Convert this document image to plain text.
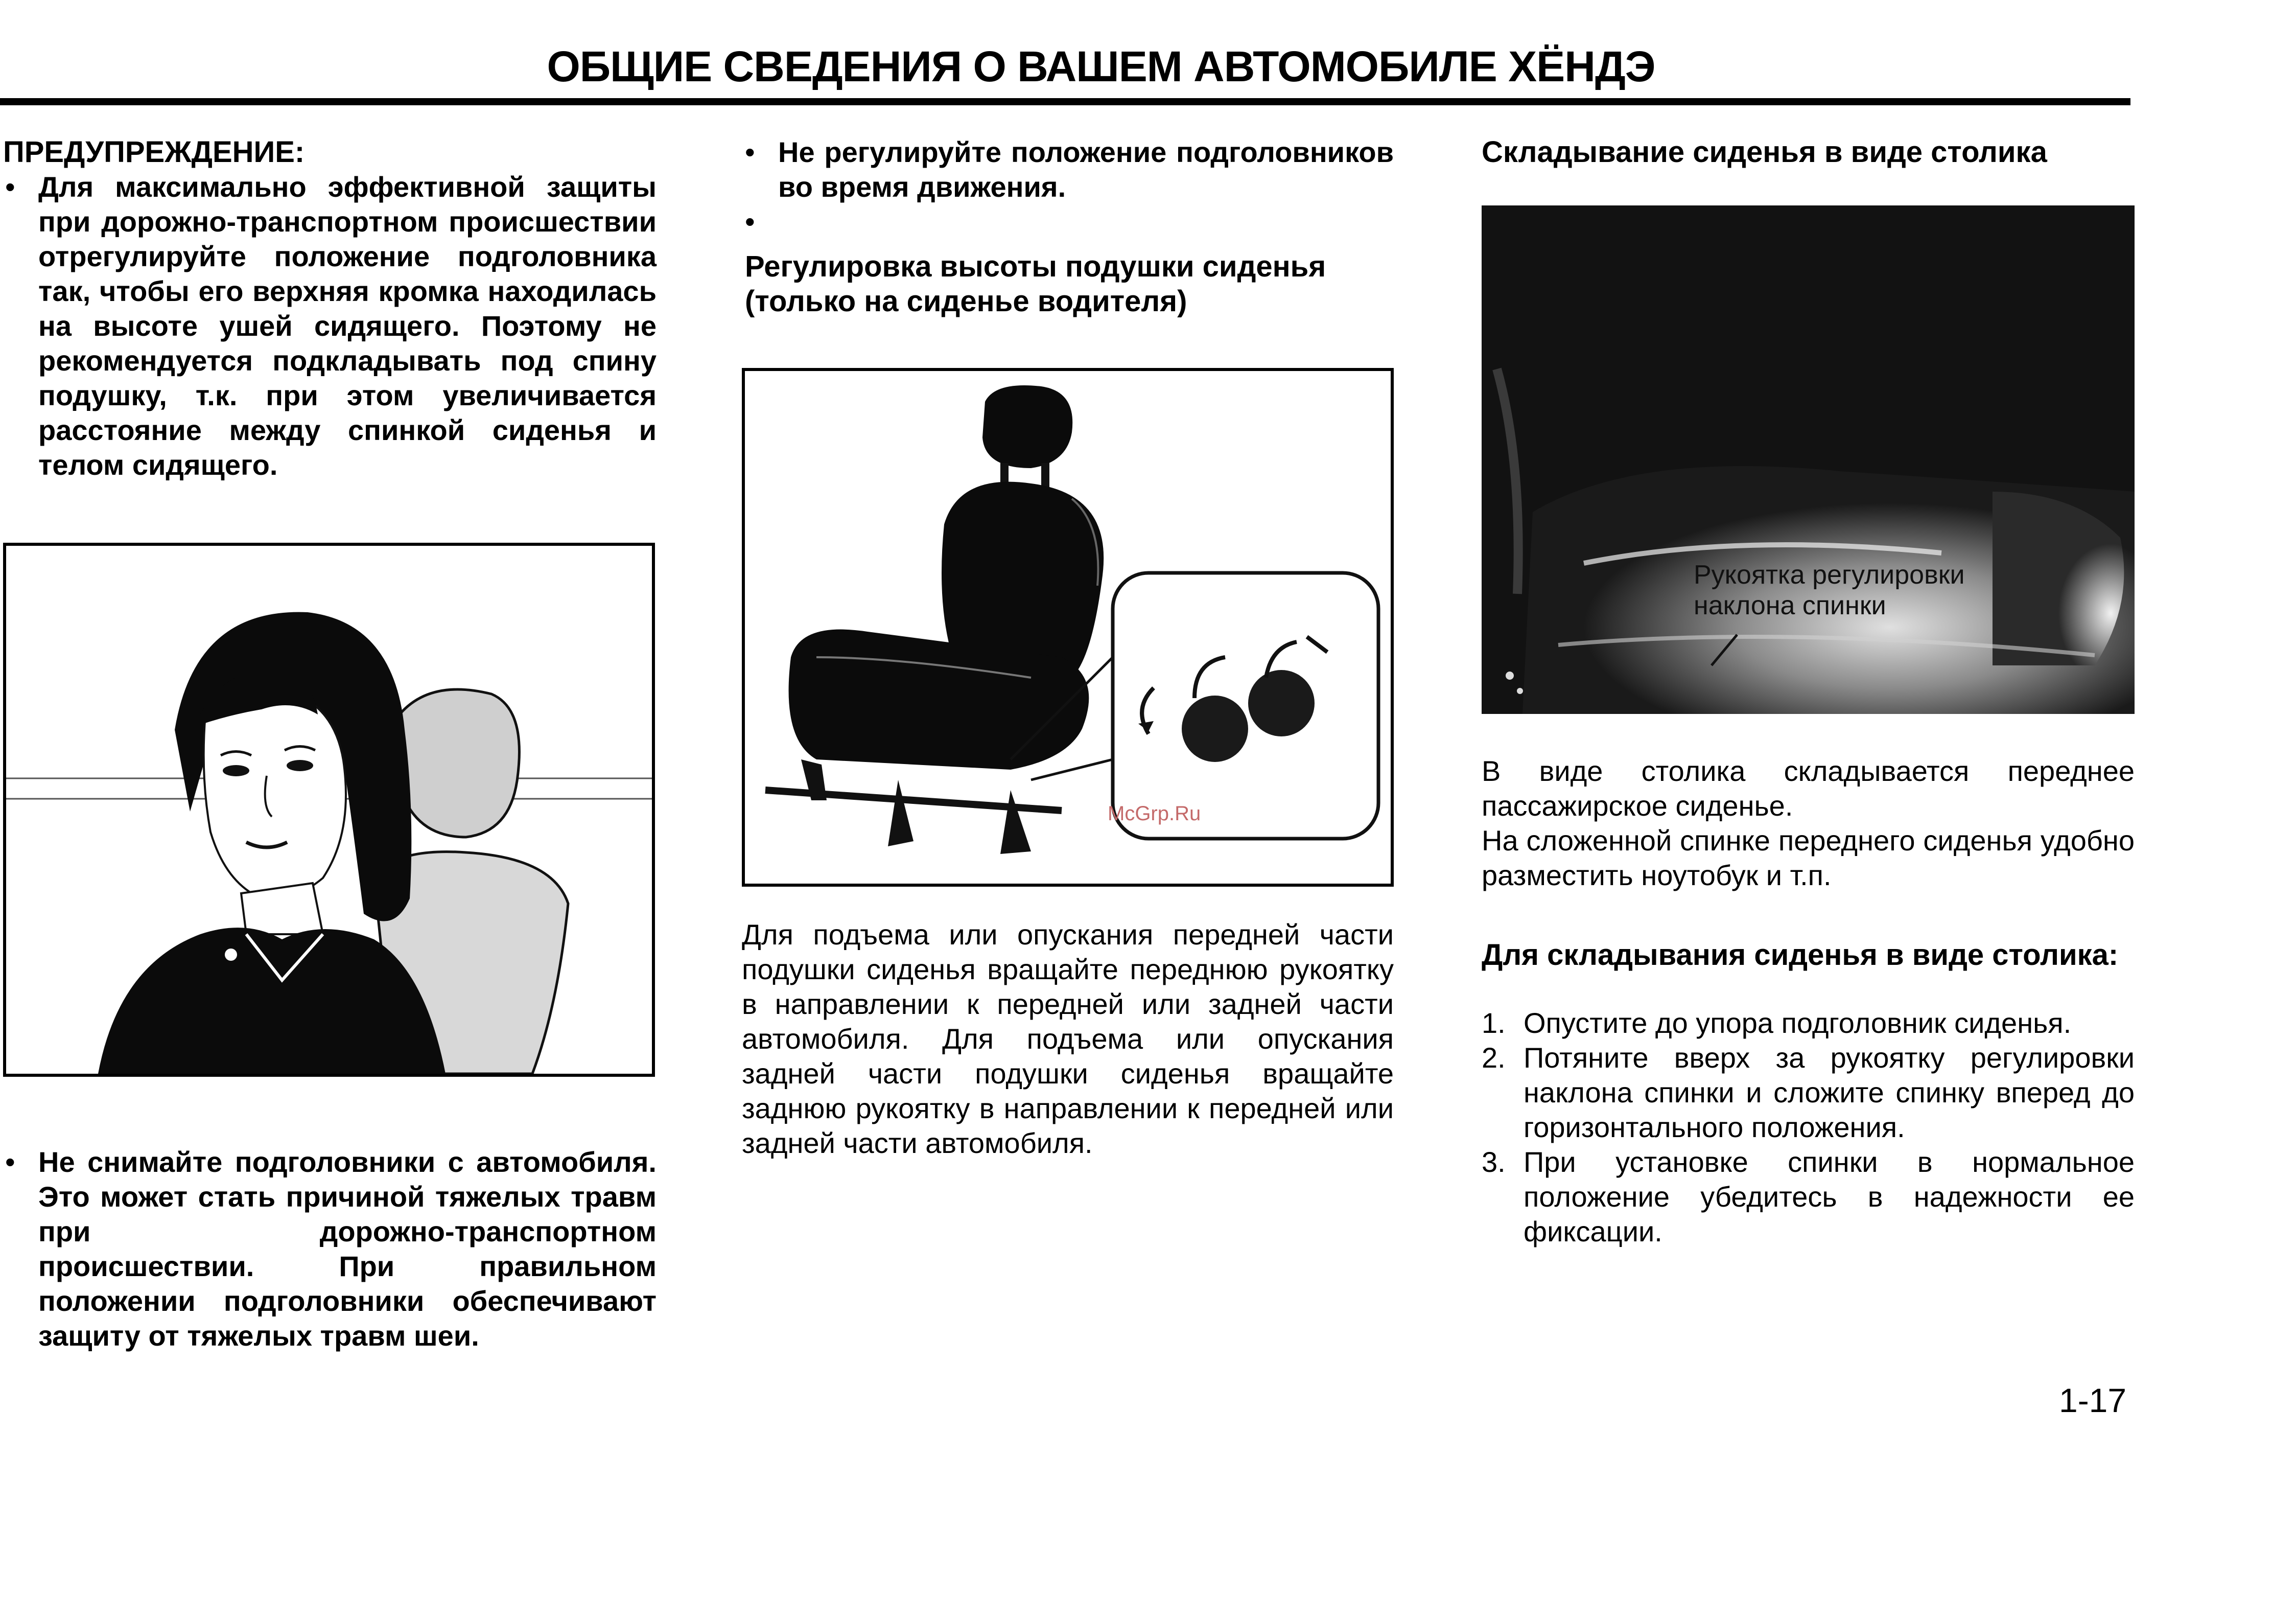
ОБЩИЕ СВЕДЕНИЯ О ВАШЕМ АВТОМОБИЛЕ ХЁНДЭ
ПРЕДУПРЕЖДЕНИЕ:
• Для максимально эффективной защиты при дорожно-транспортном происшествии отрегулируйте положение подголовника так, чтобы его верхняя кромка находилась на высоте ушей сидящего. Поэтому не рекомендуется подкладывать под спину подушку, т.к. при этом увеличивается расстояние между спинкой сиденья и телом сидящего.
• Не снимайте подголовники с автомобиля. Это может стать причиной тяжелых травм при дорожно-транспортном происшествии. При правильном положении подголовники обеспечивают защиту от тяжелых травм шеи.
• Не регулируйте положение подголовников во время движения.
•
Регулировка высоты подушки сиденья (только на сиденье водителя)
McGrp.Ru
Для подъема или опускания передней части подушки сиденья вращайте переднюю рукоятку в направлении к передней или задней части автомобиля. Для подъема или опускания задней части подушки сиденья вращайте заднюю рукоятку в направлении к передней или задней части автомобиля.
Складывание сиденья в виде столика
Рукоятка регулировки
наклона спинки
В виде столика складывается переднее пассажирское сиденье.
На сложенной спинке переднего сиденья удобно разместить ноутобук и т.п.
Для складывания сиденья в виде столика:
1. Опустите до упора подголовник сиденья.
2. Потяните вверх за рукоятку регулировки наклона спинки и сложите спинку вперед до горизонтального положения.
3. При установке спинки в нормальное положение убедитесь в надежности ее фиксации.
1-17
